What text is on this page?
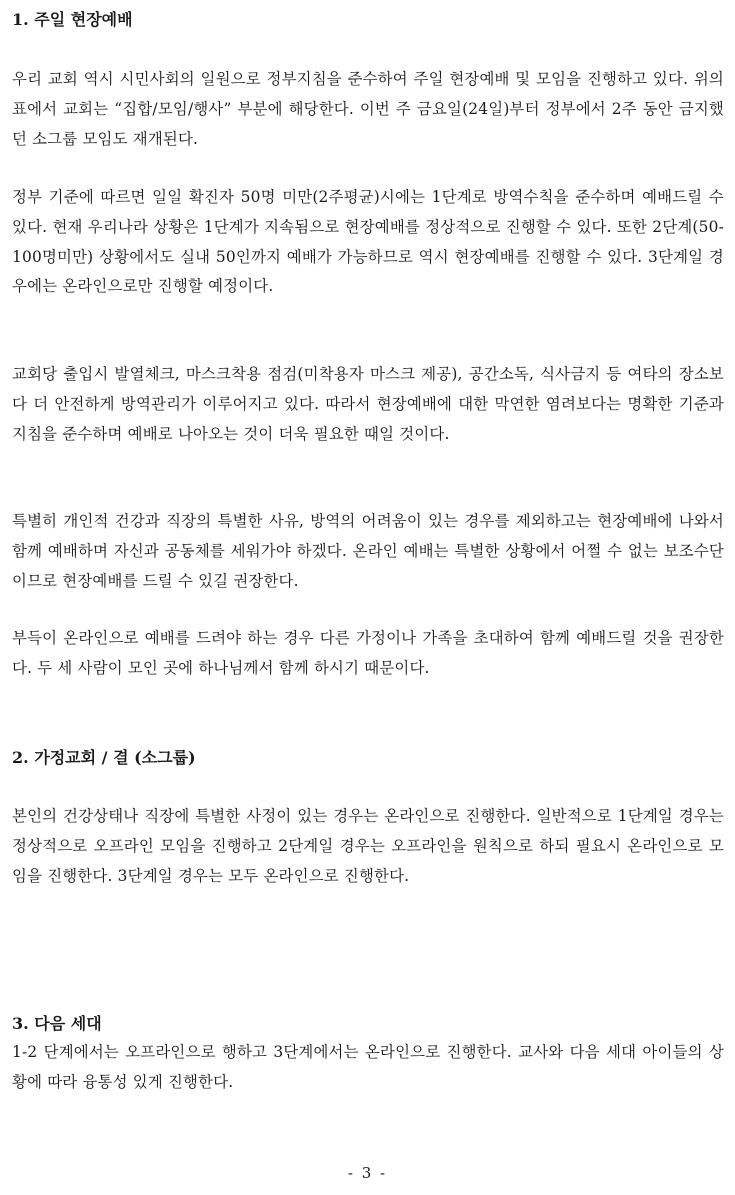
1. 주일 현장예배
우리 교회 역시 시민사회의 일원으로 정부지침을 준수하여 주일 현장예배 및 모임을 진행하고 있다. 위의 표에서 교회는 “집합/모임/행사” 부분에 해당한다. 이번 주 금요일(24일)부터 정부에서 2주 동안 금지했던 소그룹 모임도 재개된다.
정부 기준에 따르면 일일 확진자 50명 미만(2주평균)시에는 1단계로 방역수칙을 준수하며 예배드릴 수 있다. 현재 우리나라 상황은 1단계가 지속됨으로 현장예배를 정상적으로 진행할 수 있다. 또한 2단계(50-100명미만) 상황에서도 실내 50인까지 예배가 가능하므로 역시 현장예배를 진행할 수 있다. 3단계일 경우에는 온라인으로만 진행할 예정이다.
교회당 출입시 발열체크, 마스크착용 점검(미착용자 마스크 제공), 공간소독, 식사금지 등 여타의 장소보다 더 안전하게 방역관리가 이루어지고 있다. 따라서 현장예배에 대한 막연한 염려보다는 명확한 기준과 지침을 준수하며 예배로 나아오는 것이 더욱 필요한 때일 것이다.
특별히 개인적 건강과 직장의 특별한 사유, 방역의 어려움이 있는 경우를 제외하고는 현장예배에 나와서 함께 예배하며 자신과 공동체를 세워가야 하겠다. 온라인 예배는 특별한 상황에서 어쩔 수 없는 보조수단이므로 현장예배를 드릴 수 있길 권장한다.
부득이 온라인으로 예배를 드려야 하는 경우 다른 가정이나 가족을 초대하여 함께 예배드릴 것을 권장한다. 두 세 사람이 모인 곳에 하나님께서 함께 하시기 때문이다.
2. 가정교회 / 결 (소그룹)
본인의 건강상태나 직장에 특별한 사정이 있는 경우는 온라인으로 진행한다. 일반적으로 1단계일 경우는 정상적으로 오프라인 모임을 진행하고 2단계일 경우는 오프라인을 원칙으로 하되 필요시 온라인으로 모임을 진행한다. 3단계일 경우는 모두 온라인으로 진행한다.
3. 다음 세대
1-2 단계에서는 오프라인으로 행하고 3단계에서는 온라인으로 진행한다. 교사와 다음 세대 아이들의 상황에 따라 융통성 있게 진행한다.
- 3 -
